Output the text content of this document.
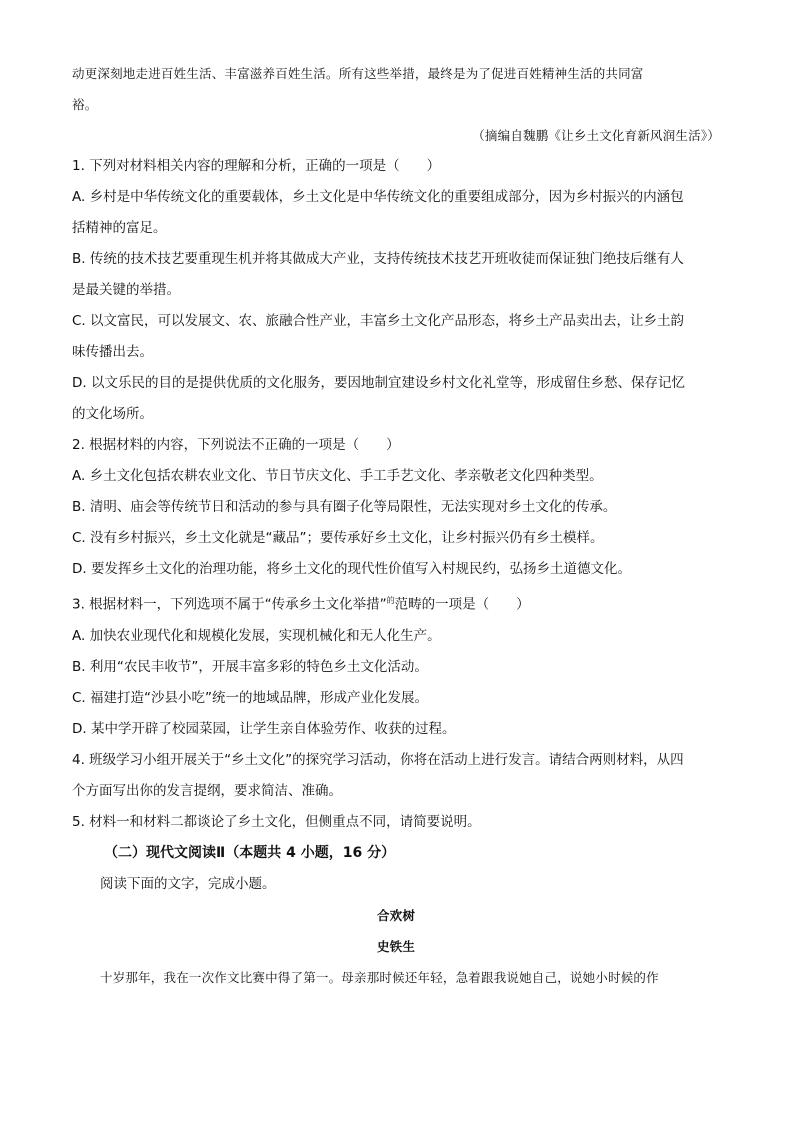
动更深刻地走进百姓生活、丰富滋养百姓生活。所有这些举措，最终是为了促进百姓精神生活的共同富
裕。
（摘编自魏鹏《让乡土文化育新风润生活》）
1. 下列对材料相关内容的理解和分析，正确的一项是（　　）
A. 乡村是中华传统文化的重要载体，乡土文化是中华传统文化的重要组成部分，因为乡村振兴的内涵包
括精神的富足。
B. 传统的技术技艺要重现生机并将其做成大产业，支持传统技术技艺开班收徒而保证独门绝技后继有人
是最关键的举措。
C. 以文富民，可以发展文、农、旅融合性产业，丰富乡土文化产品形态，将乡土产品卖出去，让乡土韵
味传播出去。
D. 以文乐民的目的是提供优质的文化服务，要因地制宜建设乡村文化礼堂等，形成留住乡愁、保存记忆
的文化场所。
2. 根据材料的内容，下列说法不正确的一项是（　　）
A. 乡土文化包括农耕农业文化、节日节庆文化、手工手艺文化、孝亲敬老文化四种类型。
B. 清明、庙会等传统节日和活动的参与具有圈子化等局限性，无法实现对乡土文化的传承。
C. 没有乡村振兴，乡土文化就是“藏品”；要传承好乡土文化，让乡村振兴仍有乡土模样。
D. 要发挥乡土文化的治理功能，将乡土文化的现代性价值写入村规民约，弘扬乡土道德文化。
3. 根据材料一，下列选项不属于“传承乡土文化举措”$^的$范畴的一项是（　　）
A. 加快农业现代化和规模化发展，实现机械化和无人化生产。
B. 利用“农民丰收节”，开展丰富多彩的特色乡土文化活动。
C. 福建打造“沙县小吃”统一的地域品牌，形成产业化发展。
D. 某中学开辟了校园菜园，让学生亲自体验劳作、收获的过程。
4. 班级学习小组开展关于“乡土文化”的探究学习活动，你将在活动上进行发言。请结合两则材料，从四
个方面写出你的发言提纲，要求简洁、准确。
5. 材料一和材料二都谈论了乡土文化，但侧重点不同，请简要说明。
（二）现代文阅读Ⅱ（本题共 4 小题，16 分）
阅读下面的文字，完成小题。
合欢树
史铁生
十岁那年，我在一次作文比赛中得了第一。母亲那时候还年轻，急着跟我说她自己，说她小时候的作
